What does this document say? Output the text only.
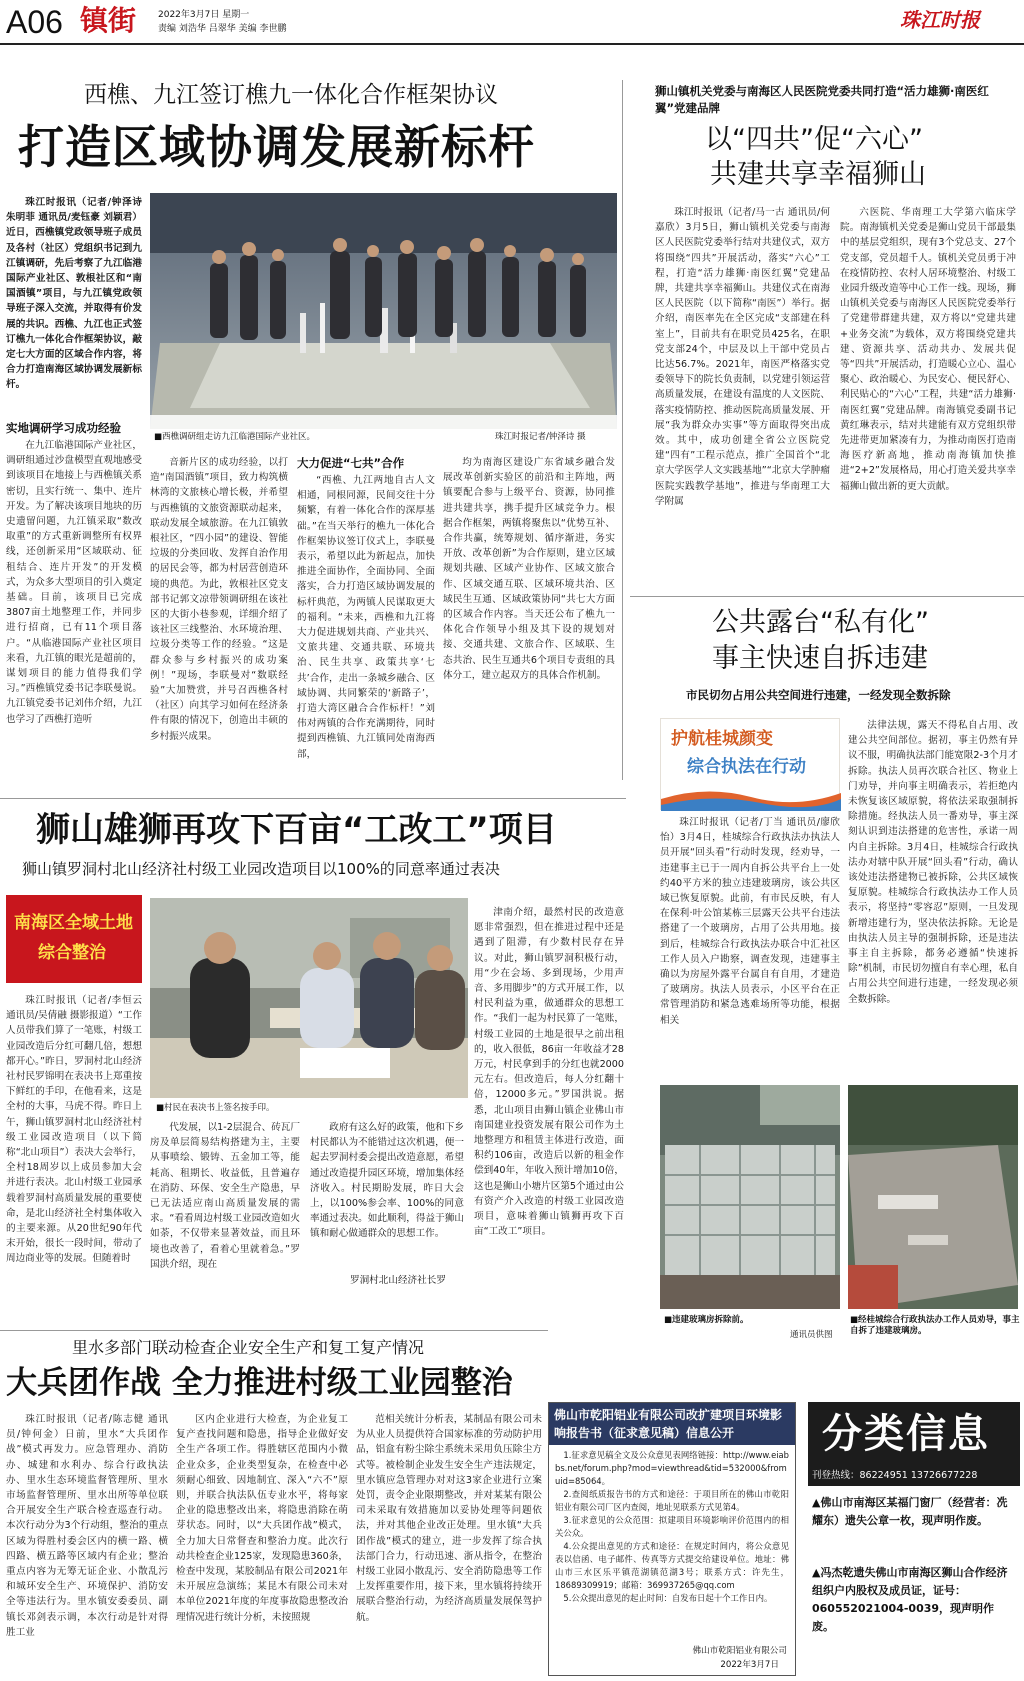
A06 镇街 2022年3月7日 星期一
责编 刘浩华 吕翠华 美编 李世鹏	珠江时报
西樵、九江签订樵九一体化合作框架协议
打造区域协调发展新标杆

珠江时报讯（记者/钟泽诗 朱明菲 通讯员/麦钰豪 刘颖君）近日，西樵镇党政领导班子成员及各村（社区）党组织书记到九江镇调研，先后考察了九江临港国际产业社区、敦根社区和“南国酒镇”项目，与九江镇党政领导班子深入交流，并取得有价发展的共识。西樵、九江也正式签订樵九一体化合作框架协议，敲定七大方面的区域合作内容，将合力打造南海区域协调发展新标杆。

实地调研学习成功经验

在九江临港国际产业社区，调研组通过沙盘模型直观地感受到该项目在地接上与西樵镇关系密切，且实行统一、集中、连片开发。为了解决该项目地块的历史遗留问题，九江镇采取“数改取重”的方式重新调整所有权界线，还创新采用“区域联动、征租结合、连片开发”的开发模式，为众多大型项目的引入奠定基础。目前，该项目已完成3807亩土地整理工作，并同步进行招商，已有11个项目落户。“从临港国际产业社区项目来看，九江镇的眼光是超前的，谋划项目的能力值得我们学习。”西樵镇党委书记李联曼说。九江镇党委书记刘伟介绍，九江也学习了西樵打造听

■西樵调研组走访九江临港国际产业社区。	珠江时报记者/钟泽诗 摄

音新片区的成功经验，以打造“南国酒镇”项目，致力构筑横林湾的文旅核心增长极，并希望与西樵镇的文旅资源联动起来，联动发展全域旅游。在九江镇敦根社区，“四小园”的建设、智能垃圾的分类回收、发挥自治作用的居民会等，都为村居营创造环境的典范。为此，敦根社区党支部书记郭文凉带领调研组在该社区的大街小巷参观，详细介绍了该社区三线整治、水环境治理、垃圾分类等工作的经验。“这是群众参与乡村振兴的成功案例！”现场，李联曼对“数联经验”大加赞赏，并号召西樵各村（社区）向其学习如何在经济条件有限的情况下，创造出丰硕的乡村振兴成果。

大力促进“七共”合作

“西樵、九江两地自古人文相通，同根同源，民间交往十分频繁，有着一体化合作的深厚基础。”在当天举行的樵九一体化合作框架协议签订仪式上，李联曼表示，希望以此为新起点，加快推进全面协作，全面协同、全面落实，合力打造区域协调发展的标杆典范，为两镇人民谋取更大的福利。“未来，西樵和九江将大力促进规划共商、产业共兴、文旅共建、交通共联、环境共治、民生共享、政策共享‘七共’合作，走出一条城乡融合、区域协调、共同繁荣的‘新路子’，打造大湾区融合合作标杆！”刘伟对两镇的合作充满期待，同时提到西樵镇、九江镇同处南海西部，

均为南海区建设广东省域乡融合发展改革创新实验区的前沿和主阵地，两镇要配合参与上级平台、资源，协同推进共建共享，携手提升区域竞争力。根据合作框架，两镇将聚焦以“优势互补、合作共赢，统筹规划、循序渐进，务实开放、改革创新”为合作原则，建立区域规划共融、区域产业协作、区域文旅合作、区域交通互联、区域环境共治、区域民生互通、区域政策协同“共七大方面的区域合作内容。当天还公布了樵九一体化合作领导小组及其下设的规划对接、交通共建、文旅合作、区域联、生态共治、民生互通共6个项目专责组的具体分工，建立起双方的具体合作机制。

狮山镇机关党委与南海区人民医院党委共同打造“活力雄狮·南医红翼”党建品牌
以“四共”促“六心”
共建共享幸福狮山

珠江时报讯（记者/马一古 通讯员/何嘉欣）3月5日，狮山镇机关党委与南海区人民医院党委举行结对共建仪式，双方将围绕“四共”开展活动，落实“六心”工程，打造“活力雄狮·南医红翼”党建品牌，共建共享幸福狮山。共建仪式在南海区人民医院（以下简称“南医”）举行。据介绍，南医率先在全区完成“支部建在科室上”，目前共有在职党员425名，在职党支部24个，中层及以上干部中党员占比达56.7%。2021年，南医严格落实党委领导下的院长负责制，以党建引领运营高质量发展，在建设有温度的人文医院、落实疫情防控、推动医院高质量发展、开展“我为群众办实事”等方面取得突出成效。其中，成功创建全省公立医院党建“四有”工程示范点，推广全国首个“北京大学医学人文实践基地”“北京大学肿瘤医院实践教学基地”，推进与华南理工大学附属

六医院、华南理工大学第六临床学院。南海镇机关党委是狮山党员干部最集中的基层党组织，现有3个党总支、27个党支部，党员超千人。镇机关党员勇于冲在疫情防控、农村人居环境整治、村级工业园升级改造等中心工作一线。现场，狮山镇机关党委与南海区人民医院党委举行了党建带群建共建，双方将以“党建共建+业务交流”为载体，双方将围绕党建共建、资源共享、活动共办、发展共促等“四共”开展活动，打造暖心立心、温心聚心、政治暖心、为民安心、便民舒心、利民贴心的“六心”工程，共建“活力雄狮·南医红翼”党建品牌。南海镇党委副书记黄红琳表示，结对共建能有双方党组织带先进带更加紧凑有力，为推动南医打造南海医疗新高地，推动南海镇加快推进“2+2”发展格局，用心打造关爱共享幸福狮山做出新的更大贡献。

公共露台“私有化”
事主快速自拆违建
市民切勿占用公共空间进行违建，一经发现全数拆除
护航桂城颜变
综合执法在行动

珠江时报讯（记者/丁当 通讯员/廖欣怡）3月4日，桂城综合行政执法办执法人员开展“回头看”行动时发现，经劝导，一违建事主已于一周内自拆公共平台上一处约40平方米的独立违建玻璃房，该公共区域已恢复原貌。此前，有市民反映，有人在保利·叶公馆某栋三层露天公共平台违法搭建了一个玻璃房，占用了公共用地。接到后，桂城综合行政执法办联合中汇社区工作人员入户勘察，调查发现，违建事主确以为房屋外露平台属自有自用，才建造了玻璃房。执法人员表示，小区平台在正常管理消防和紧急逃难场所等功能，根据相关

法律法规，露天不得私自占用、改建公共空间部位。据初，事主仍然有异议不服，明确执法部门能宽限2-3个月才拆除。执法人员再次联合社区、物业上门劝导，并向事主明确表示，若拒绝内未恢复该区域原貌，将依法采取强制拆除措施。经执法人员一番劝导，事主深刻认识到违法搭建的危害性，承诺一周内自主拆除。3月4日，桂城综合行政执法办对辖中队开展“回头看”行动，确认该处违法搭建物已被拆除，公共区域恢复原貌。桂城综合行政执法办工作人员表示，将坚持“零容忍”原则，一旦发现新增违建行为，坚决依法拆除。无论是由执法人员主导的强制拆除，还是违法事主自主拆除，都务必遵循“快速拆除”机制，市民切勿擅自有幸心理，私自占用公共空间进行违建，一经发现必须全数拆除。

■违建玻璃房拆除前。
通讯员供图
■经桂城综合行政执法办工作人员劝导，事主自拆了违建玻璃房。
狮山雄狮再攻下百亩“工改工”项目
狮山镇罗洞村北山经济社村级工业园改造项目以100%的同意率通过表决
南海区全域土地
综合整治

珠江时报讯（记者/李恒云 通讯员/吴倩融 摄影报道）“工作人员带我们算了一笔账，村级工业园改造后分红可翻几倍，想想都开心。”昨日，罗洞村北山经济社村民罗锦明在表决书上郑重按下鲜红的手印，在他看来，这是全村的大事，马虎不得。昨日上午，狮山镇罗洞村北山经济社村级工业园改造项目（以下简称“北山项目”）表决大会举行，全村18周岁以上成员参加大会并进行表决。北山村级工业园承载着罗洞村高质量发展的重要使命，是北山经济社全村集体收入的主要来源。从20世纪90年代末开始，很长一段时间，带动了周边商业等的发展。但随着时

■村民在表决书上签名按手印。

代发展，以1-2层混合、砖瓦厂房及单层简易结构搭建为主，主要从事喷绘、锻铸、五金加工等，能耗高、租期长、收益低，且普遍存在消防、环保、安全生产隐患，早已无法适应南山高质量发展的需求。“看看周边村级工业园改造如火如荼，不仅带来显著效益，而且环境也改善了，看着心里就着急。”罗国洪介绍，现在

政府有这么好的政策，他和下乡村民都认为不能错过这次机遇，便一起去罗洞村委会提出改造意愿，希望通过改造提升园区环境，增加集体经济收入。村民期盼发展，昨日大会上，以100%参会率、100%的同意率通过表决。如此顺利，得益于狮山镇和耐心做通群众的思想工作。

罗洞村北山经济社长罗

津南介绍，最然村民的改造意愿非常强烈，但在推进过程中还是遇到了阻滞，有少数村民存在异议。对此，狮山镇罗洞积极行动，用“少在会场、多到现场，少用声音、多用脚步”的方式开展工作，以村民利益为重，做通群众的思想工作。“我们一起为村民算了一笔账，村级工业园的土地是很早之前出租的，收入很低，86亩一年收益才28万元，村民拿到手的分红也就2000元左右。但改造后，每人分红翻十倍，12000多元。”罗国洪说。据悉，北山项目由狮山镇企业佛山市南国建业投资发展有限公司作为土地整理方和租赁主体进行改造，面积约106亩，改造后以新的租金作偿到40年，年收入预计增加10倍，这也是狮山小塘片区第5个通过由公有资产介入改造的村级工业园改造项目，意味着狮山镇狮再攻下百亩“工改工”项目。

里水多部门联动检查企业安全生产和复工复产情况
大兵团作战 全力推进村级工业园整治

珠江时报讯（记者/陈志健 通讯员/钟何金）日前，里水“大兵团作战”模式再发力。应急管理办、消防办、城建和水利办、综合行政执法办、里水生态环境监督管理所、里水市场监督管理所、里水出所等单位联合开展安全生产联合检查巡查行动。本次行动分为3个行动组，整治的重点区域为得胜村委会区内的横一路、横四路、横五路等区域内有企业；整治重点内容为无筹无证企业、小散乱污和城环安全生产、环境保护、消防安全等违法行为。里水镇安委委员、副镇长邓剑表示调，本次行动是针对得胜工业

区内企业进行大检查，为企业复工复产查找问题和隐患，指导企业做好安全生产各项工作。得胜辖区范围内小微企业众多，企业类型复杂，在检查中必须耐心细致、因地制宜、深入“六不”原则，并联合执法队伍专业水平，将每家企业的隐患整改出来，将隐患消除在萌芽状态。同时，以“大兵团作战”模式，全力加大日常督查和整治力度。此次行动共检查企业125家，发现隐患360条，检查中发现，某胶制品有限公司2021年未开展应急演练；某昆木有限公司未对本单位2021年度的年度事故隐患整改治理情况进行统计分析，未按照规

范相关统计分析表，某制品有限公司未为从业人员提供符合国家标准的劳动防护用品，铝盒有粉尘除尘系统未采用负压除尘方式等。被检制企业发生安全生产违法规定，里水镇应急管理办对对这3家企业进行立案处罚，责令企业限期整改，并对某某有限公司未采取有效措施加以妥协处理等问题依法，并对其他企业改正处理。里水镇“大兵团作战”模式的建立，进一步发挥了综合执法部门合力，行动迅速、浙从指令，在整治村级工业园小散乱污、安全消防隐患等工作上发挥重要作用，接下来，里水镇将持续开展联合整治行动，为经济高质量发展保驾护航。

佛山市乾阳铝业有限公司改扩建项目环境影响报告书（征求意见稿）信息公开
1.征求意见稿全文及公众意见表网络链接：http://www.eiabbs.net/forum.php?mod=viewthread&tid=532000&fromuid=85064。
2.查阅纸质报告书的方式和途径：于项目所在的佛山市乾阳铝业有限公司厂区内查阅，地址见联系方式见第4。
3.征求意见的公众范围：拟建项目环境影响评价范围内的相关公众。
4.公众提出意见的方式和途径：在规定时间内，将公众意见表以信函、电子邮件、传真等方式提交给建设单位。地址：佛山市三水区乐平镇范湖镇范湖3号；联系方式：许先生，18689309919；邮箱：369937265@qq.com
5.公众提出意见的起止时间：自发布日起十个工作日内。
佛山市乾阳铝业有限公司
2022年3月7日
分类信息
刊登热线：86224951 13726677228
▲佛山市南海区某福门窗厂（经营者：冼耀东）遗失公章一枚，现声明作废。
▲冯杰乾遗失佛山市南海区狮山合作经济组织户内股权及成员证，证号：060552021004-0039，现声明作废。
